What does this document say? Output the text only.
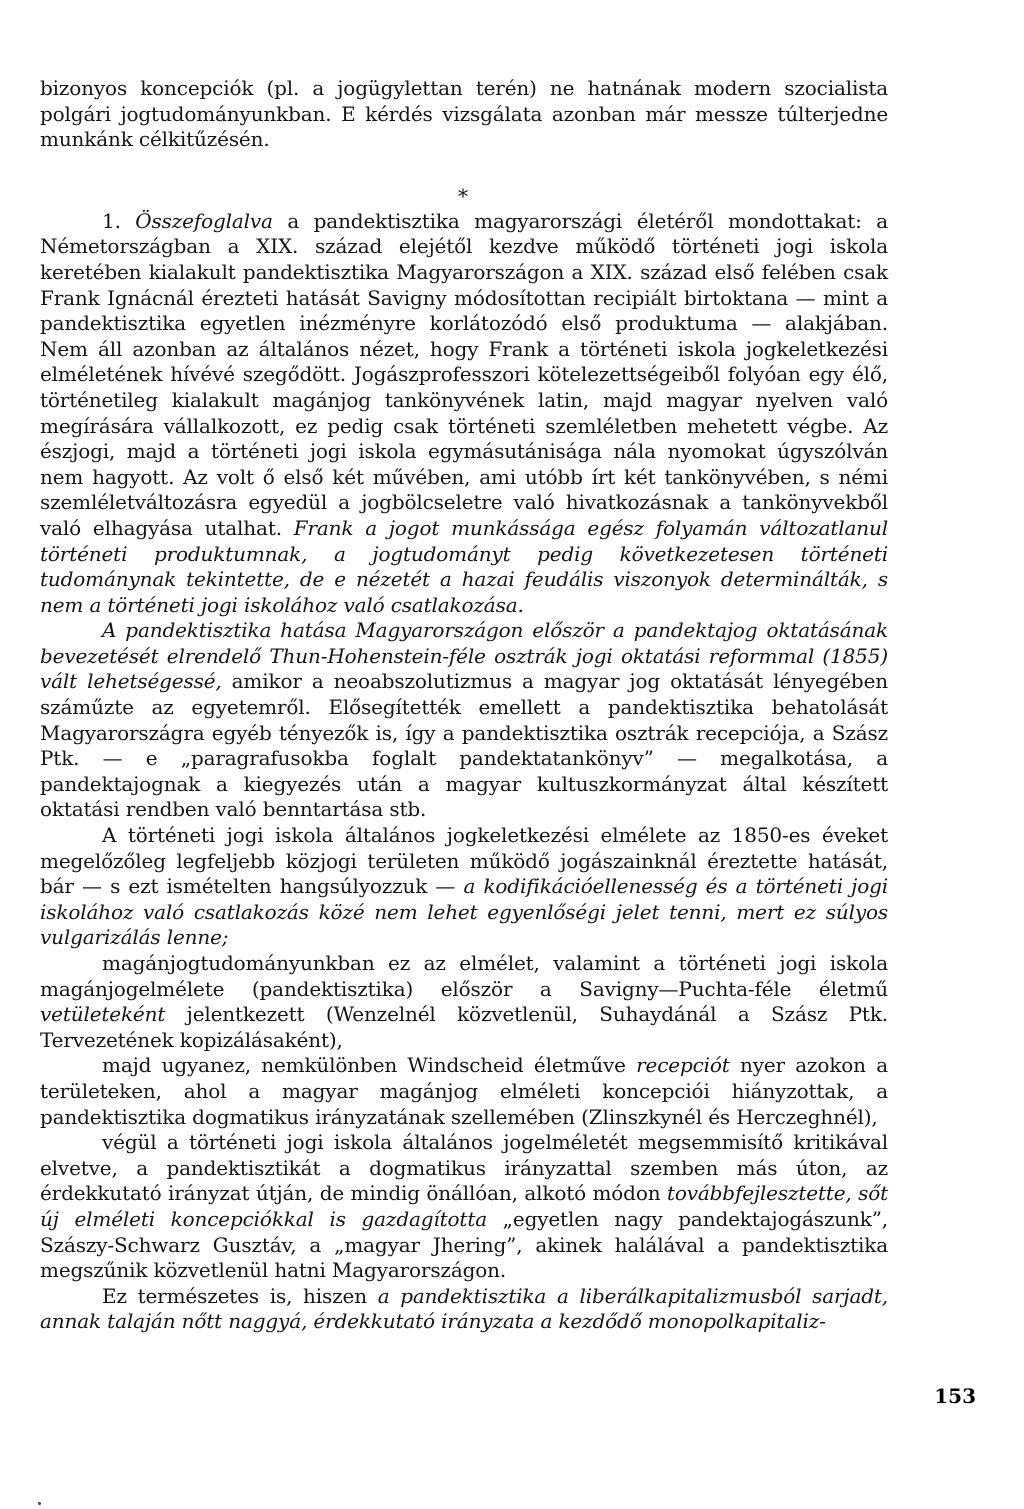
bizonyos koncepciók (pl. a jogügylettan terén) ne hatnának modern szocialista polgári jogtudományunkban. E kérdés vizsgálata azonban már messze túlterjedne munkánk célkitűzésén.

1. Összefoglalva a pandektisztika magyarországi életéről mondottakat: a Németországban a XIX. század elejétől kezdve működő történeti jogi iskola keretében kialakult pandektisztika Magyarországon a XIX. század első felében csak Frank Ignácnál érezteti hatását Savigny módosítottan recipiált birtoktana — mint a pandektisztika egyetlen inézményre korlátozódó első produktuma — alakjában. Nem áll azonban az általános nézet, hogy Frank a történeti iskola jogkeletkezési elméletének hívévé szegődött. Jogászprofesszori kötelezettségeiből folyóan egy élő, történetileg kialakult magánjog tankönyvének latin, majd magyar nyelven való megírására vállalkozott, ez pedig csak történeti szemléletben mehetett végbe. Az észjogi, majd a történeti jogi iskola egymásutánisága nála nyomokat úgyszólván nem hagyott. Az volt ő első két művében, ami utóbb írt két tankönyvében, s némi szemléletváltozásra egyedül a jogbölcseletre való hivatkozásnak a tankönyvekből való elhagyása utalhat. Frank a jogot munkássága egész folyamán változatlanul történeti produktumnak, a jogtudományt pedig következetesen történeti tudománynak tekintette, de e nézetét a hazai feudális viszonyok determinálták, s nem a történeti jogi iskolához való csatlakozása.

A pandektisztika hatása Magyarországon először a pandektajog oktatásának bevezetését elrendelő Thun-Hohenstein-féle osztrák jogi oktatási reformmal (1855) vált lehetségessé, amikor a neoabszolutizmus a magyar jog oktatását lényegében száműzte az egyetemről. Elősegítették emellett a pandektisztika behatolását Magyarországra egyéb tényezők is, így a pandektisztika osztrák recepciója, a Szász Ptk. — e „paragrafusokba foglalt pandektatankönyv” — megalkotása, a pandektajognak a kiegyezés után a magyar kultuszkormányzat által készített oktatási rendben való benntartása stb.

A történeti jogi iskola általános jogkeletkezési elmélete az 1850-es éveket megelőzőleg legfeljebb közjogi területen működő jogászainknál éreztette hatását, bár — s ezt ismételten hangsúlyozzuk — a kodifikációellenesség és a történeti jogi iskolához való csatlakozás közé nem lehet egyenlőségi jelet tenni, mert ez súlyos vulgarizálás lenne;

magánjogtudományunkban ez az elmélet, valamint a történeti jogi iskola magánjogelmélete (pandektisztika) először a Savigny—Puchta-féle életmű vetületeként jelentkezett (Wenzelnél közvetlenül, Suhaydánál a Szász Ptk. Tervezetének kopizálásaként),

majd ugyanez, nemkülönben Windscheid életműve recepciót nyer azokon a területeken, ahol a magyar magánjog elméleti koncepciói hiányzottak, a pandektisztika dogmatikus irányzatának szellemében (Zlinszkynél és Herczeghnél),

végül a történeti jogi iskola általános jogelméletét megsemmisítő kritikával elvetve, a pandektisztikát a dogmatikus irányzattal szemben más úton, az érdekkutató irányzat útján, de mindig önállóan, alkotó módon továbbfejlesztette, sőt új elméleti koncepciókkal is gazdagította „egyetlen nagy pandektajogászunk”, Szászy-Schwarz Gusztáv, a „magyar Jhering”, akinek halálával a pandektisztika megszűnik közvetlenül hatni Magyarországon.

Ez természetes is, hiszen a pandektisztika a liberálkapitalizmusból sarjadt, annak talaján nőtt naggyá, érdekkutató irányzata a kezdődő monopolkapitaliz-

*
153
